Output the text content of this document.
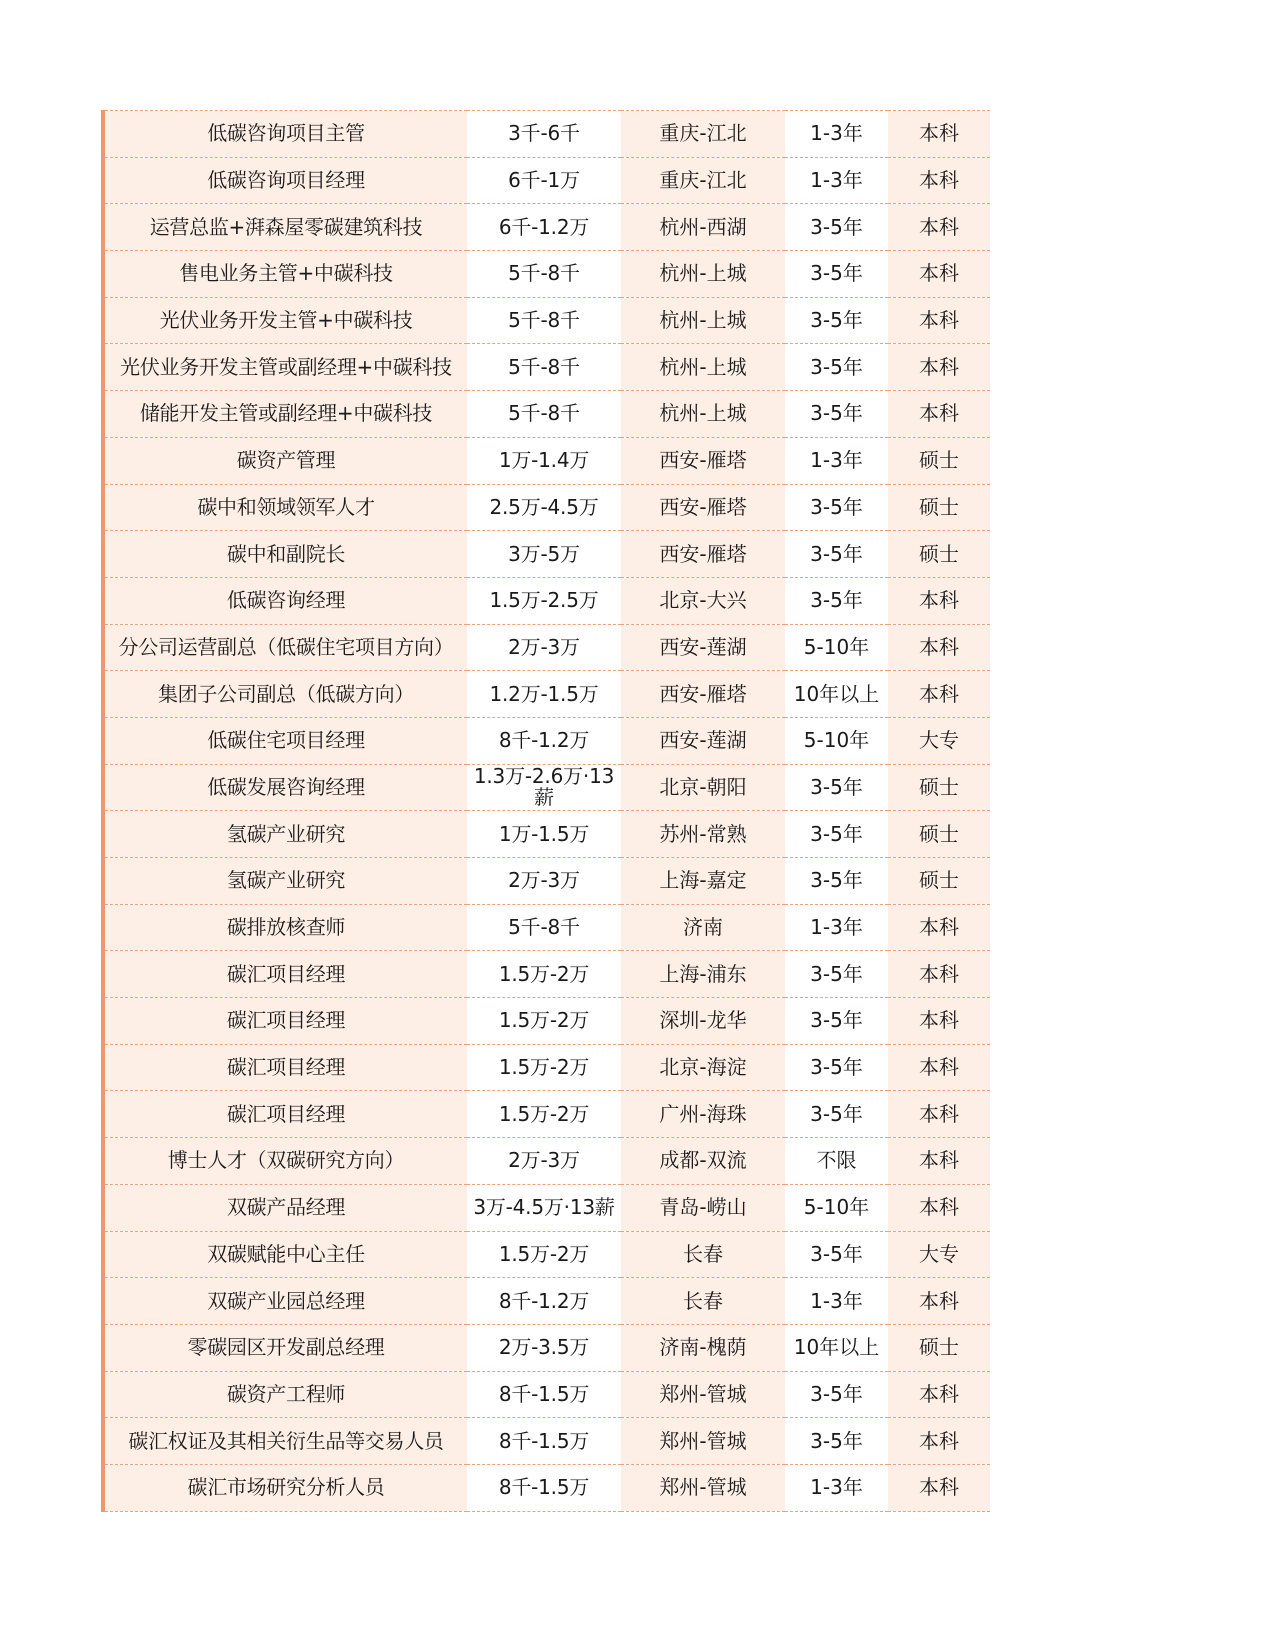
低碳咨询项目主管	3千-6千	重庆-江北	1-3年	本科
低碳咨询项目经理	6千-1万	重庆-江北	1-3年	本科
运营总监+湃森屋零碳建筑科技	6千-1.2万	杭州-西湖	3-5年	本科
售电业务主管+中碳科技	5千-8千	杭州-上城	3-5年	本科
光伏业务开发主管+中碳科技	5千-8千	杭州-上城	3-5年	本科
光伏业务开发主管或副经理+中碳科技	5千-8千	杭州-上城	3-5年	本科
储能开发主管或副经理+中碳科技	5千-8千	杭州-上城	3-5年	本科
碳资产管理	1万-1.4万	西安-雁塔	1-3年	硕士
碳中和领域领军人才	2.5万-4.5万	西安-雁塔	3-5年	硕士
碳中和副院长	3万-5万	西安-雁塔	3-5年	硕士
低碳咨询经理	1.5万-2.5万	北京-大兴	3-5年	本科
分公司运营副总（低碳住宅项目方向）	2万-3万	西安-莲湖	5-10年	本科
集团子公司副总（低碳方向）	1.2万-1.5万	西安-雁塔	10年以上	本科
低碳住宅项目经理	8千-1.2万	西安-莲湖	5-10年	大专
低碳发展咨询经理	1.3万-2.6万·13薪	北京-朝阳	3-5年	硕士
氢碳产业研究	1万-1.5万	苏州-常熟	3-5年	硕士
氢碳产业研究	2万-3万	上海-嘉定	3-5年	硕士
碳排放核查师	5千-8千	济南	1-3年	本科
碳汇项目经理	1.5万-2万	上海-浦东	3-5年	本科
碳汇项目经理	1.5万-2万	深圳-龙华	3-5年	本科
碳汇项目经理	1.5万-2万	北京-海淀	3-5年	本科
碳汇项目经理	1.5万-2万	广州-海珠	3-5年	本科
博士人才（双碳研究方向）	2万-3万	成都-双流	不限	本科
双碳产品经理	3万-4.5万·13薪	青岛-崂山	5-10年	本科
双碳赋能中心主任	1.5万-2万	长春	3-5年	大专
双碳产业园总经理	8千-1.2万	长春	1-3年	本科
零碳园区开发副总经理	2万-3.5万	济南-槐荫	10年以上	硕士
碳资产工程师	8千-1.5万	郑州-管城	3-5年	本科
碳汇权证及其相关衍生品等交易人员	8千-1.5万	郑州-管城	3-5年	本科
碳汇市场研究分析人员	8千-1.5万	郑州-管城	1-3年	本科
